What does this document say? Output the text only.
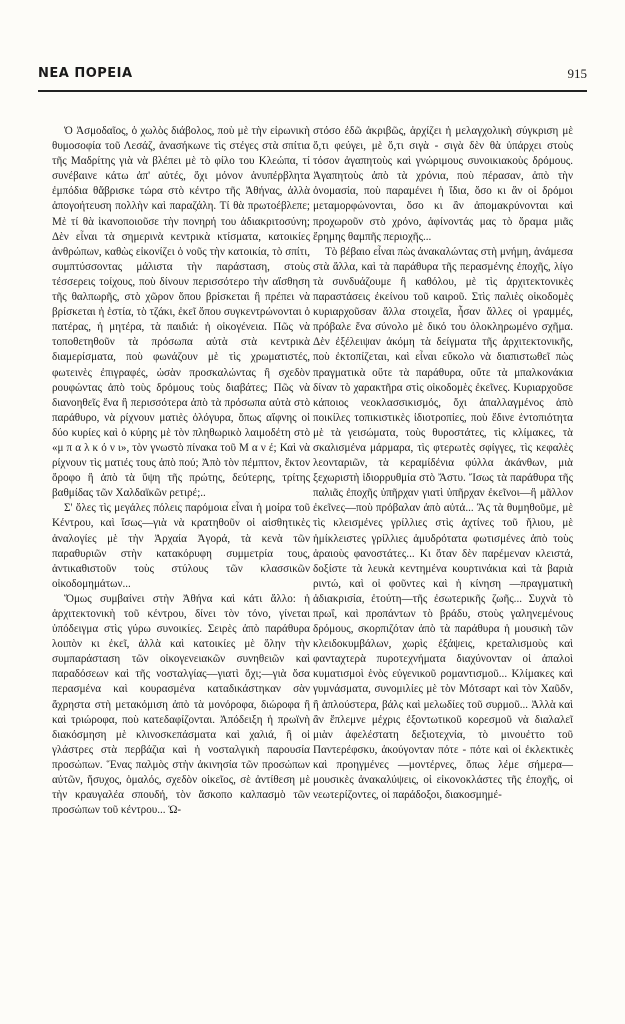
ΝΕΑ ΠΟΡΕΙΑ	915

Ὁ Ἀσμοδαῖος, ὁ χωλὸς διάβολος, ποὺ μὲ τὴν εἰρωνικὴ θυμοσοφία τοῦ Λεσάζ, ἀνασήκωνε τὶς στέγες στὰ σπίτια τῆς Μαδρίτης γιὰ νὰ βλέπει μὲ τὸ φίλο του Κλεώπα, τί συνέβαινε κάτω ἀπ' αὐτές, ὄχι μόνον ἀνυπέρβλητα ἐμπόδια θἄβρισκε τώρα στὸ κέντρο τῆς Ἀθήνας, ἀλλὰ ἀπογοήτευση πολλὴν καὶ παραζάλη. Τί θὰ πρωτοέβλεπε; Μὲ τί θὰ ἱκανοποιοῦσε τὴν πονηρή του ἀδιακριτοσύνη; Δὲν εἶναι τὰ σημερινὰ κεντρικὰ κτίσματα, κατοικίες ἀνθρώπων, καθὼς εἰκονίζει ὁ νοῦς τὴν κατοικία, τὸ σπίτι, συμπτύσσοντας μάλιστα τὴν παράσταση, στοὺς τέσσερεις τοίχους, ποὺ δίνουν περισσότερο τὴν αἴσθηση τῆς θαλπωρῆς, στὸ χῶρον ὅπου βρίσκεται ἢ πρέπει νὰ βρίσκεται ἡ ἑστία, τὸ τζάκι, ἐκεῖ ὅπου συγκεντρώνονται ὁ πατέρας, ἡ μητέρα, τὰ παιδιά: ἡ οἰκογένεια. Πῶς νὰ τοποθετηθοῦν τὰ πρόσωπα αὐτὰ στὰ κεντρικὰ διαμερίσματα, ποὺ φωνάζουν μὲ τὶς χρωματιστές, φωτεινὲς ἐπιγραφές, ὡσὰν προσκαλώντας ἢ σχεδὸν ρουφώντας ἀπὸ τοὺς δρόμους τοὺς διαβάτες; Πῶς νὰ διανοηθεῖς ἕνα ἢ περισσότερα ἀπὸ τὰ πρόσωπα αὐτὰ στὸ παράθυρο, νὰ ρίχνουν ματιὲς ὁλόγυρα, ὅπως αἴφνης οἱ δύο κυρίες καὶ ὁ κύρης μὲ τὸν πληθωρικὸ λαιμοδέτη στὸ «μ π α λ κ ό ν ι», τὸν γνωστὸ πίνακα τοῦ Μ α ν έ; Καὶ νὰ ρίχνουν τὶς ματιές τους ἀπὸ πού; Ἀπὸ τὸν πέμπτον, ἕκτον ὄροφο ἢ ἀπὸ τὰ ὕψη τῆς πρώτης, δεύτερης, τρίτης βαθμίδας τῶν Χαλδαϊκῶν ρετιρέ;..

Σ' ὅλες τὶς μεγάλες πόλεις παρόμοια εἶναι ἡ μοίρα τοῦ Κέντρου, καὶ ἴσως—γιὰ νὰ κρατηθοῦν οἱ αἰσθητικὲς ἀναλογίες μὲ τὴν Ἀρχαία Ἀγορά, τὰ κενὰ τῶν παραθυριῶν στὴν κατακόρυφη συμμετρία τους, ἀντικαθιστοῦν τοὺς στύλους τῶν κλασσικῶν οἰκοδομημάτων...

Ὅμως συμβαίνει στὴν Ἀθήνα καὶ κάτι ἄλλο: ἡ ἀρχιτεκτονικὴ τοῦ κέντρου, δίνει τὸν τόνο, γίνεται ὑπόδειγμα στὶς γύρω συνοικίες. Σειρὲς ἀπὸ παράθυρα λοιπὸν κι ἐκεῖ, ἀλλὰ καὶ κατοικίες μὲ ὅλην τὴν συμπαράσταση τῶν οἰκογενειακῶν συνηθειῶν καὶ παραδόσεων καὶ τῆς νοσταλγίας—γιατὶ ὄχι;—γιὰ ὅσα περασμένα καὶ κουρασμένα καταδικάστηκαν σὰν ἄχρηστα στὴ μετακόμιση ἀπὸ τὰ μονόροφα, διώροφα ἢ καὶ τριώροφα, ποὺ κατεδαφίζονται. Ἀπόδειξη ἡ πρωϊνὴ διακόσμηση μὲ κλινοσκεπάσματα καὶ χαλιά, ἢ οἱ γλάστρες στὰ περβάζια καὶ ἡ νοσταλγικὴ παρουσία προσώπων. Ἕνας παλμὸς στὴν ἀκινησία τῶν προσώπων αὐτῶν, ἥσυχος, ὁμαλός, σχεδὸν οἰκεῖος, σὲ ἀντίθεση μὲ τὴν κραυγαλέα σπουδή, τὸν ἄσκοπο καλπασμὸ τῶν προσώπων τοῦ κέντρου... Ὡ-

στόσο ἐδῶ ἀκριβῶς, ἀρχίζει ἡ μελαγχολικὴ σύγκριση μὲ ὅ,τι φεύγει, μὲ ὅ,τι σιγὰ - σιγὰ δὲν θὰ ὑπάρχει στοὺς τόσον ἀγαπητοὺς καὶ γνώριμους συνοικιακοὺς δρόμους. Ἀγαπητοὺς ἀπὸ τὰ χρόνια, ποὺ πέρασαν, ἀπὸ τὴν ὀνομασία, ποὺ παραμένει ἡ ἴδια, ὅσο κι ἂν οἱ δρόμοι μεταμορφώνονται, ὅσο κι ἂν ἀπομακρύνονται καὶ προχωροῦν στὸ χρόνο, ἀφίνοντάς μας τὸ ὅραμα μιᾶς ἔρημης θαμπῆς περιοχῆς...

Τὸ βέβαιο εἶναι πὼς ἀνακαλώντας στὴ μνήμη, ἀνάμεσα στὰ ἄλλα, καὶ τὰ παράθυρα τῆς περασμένης ἐποχῆς, λίγο τὰ συνδυάζουμε ἢ καθόλου, μὲ τὶς ἀρχιτεκτονικὲς παραστάσεις ἐκείνου τοῦ καιροῦ. Στὶς παλιὲς οἰκοδομὲς κυριαρχοῦσαν ἄλλα στοιχεῖα, ἦσαν ἄλλες οἱ γραμμές, πρόβαλε ἕνα σύνολο μὲ δικό του ὁλοκληρωμένο σχῆμα. Δὲν ἐξέλειψαν ἀκόμη τὰ δείγματα τῆς ἀρχιτεκτονικῆς, ποὺ ἐκτοπίζεται, καὶ εἶναι εὔκολο νὰ διαπιστωθεῖ πὼς πραγματικὰ οὔτε τὰ παράθυρα, οὔτε τὰ μπαλκονάκια δίναν τὸ χαρακτῆρα στὶς οἰκοδομὲς ἐκεῖνες. Κυριαρχοῦσε κάποιος νεοκλασσικισμός, ὄχι ἀπαλλαγμένος ἀπὸ ποικίλες τοπικιστικὲς ἰδιοτροπίες, ποὺ ἔδινε ἐντοπιότητα μὲ τὰ γεισώματα, τοὺς θυροστάτες, τὶς κλίμακες, τὰ σκαλισμένα μάρμαρα, τὶς φτερωτὲς σφίγγες, τὶς κεφαλὲς λεονταριῶν, τὰ κεραμίδένια φύλλα ἀκάνθων, μιὰ ξεχωριστὴ ἰδιορρυθμία στὸ Ἄστυ. Ἴσως τὰ παράθυρα τῆς παλιᾶς ἐποχῆς ὑπῆρχαν γιατὶ ὑπῆρχαν ἐκεῖνοι—ἢ μᾶλλον ἐκεῖνες—ποὺ πρόβαλαν ἀπὸ αὐτά... Ἂς τὰ θυμηθοῦμε, μὲ τὶς κλεισμένες γρίλλιες στὶς ἀχτίνες τοῦ ἥλιου, μὲ ἡμίκλειστες γρίλλιες ἀμυδρότατα φωτισμένες ἀπὸ τοὺς ἀραιοὺς φανοστάτες... Κι ὅταν δὲν παρέμεναν κλειστά, δοξίστε τὰ λευκὰ κεντημένα κουρτινάκια καὶ τὰ βαριὰ ριντώ, καὶ οἱ φοῦντες καὶ ἡ κίνηση —πραγματικὴ ἀδιακρισία, ἐτούτη—τῆς ἐσωτερικῆς ζωῆς... Συχνὰ τὸ πρωΐ, καὶ προπάντων τὸ βράδυ, στοὺς γαληνεμένους δρόμους, σκορπιζόταν ἀπὸ τὰ παράθυρα ἡ μουσικὴ τῶν κλειδοκυμβάλων, χωρὶς ἐξάψεις, κρεταλισμοὺς καὶ φανταχτερὰ πυροτεχνήματα διαχύνονταν οἱ ἀπαλοὶ κυματισμοὶ ἑνὸς εὐγενικοῦ ρομαντισμοῦ... Κλίμακες καὶ γυμνάσματα, συνομιλίες μὲ τὸν Μότσαρτ καὶ τὸν Χαῦδν, ἢ ἁπλούστερα, βάλς καὶ μελωδίες τοῦ συρμοῦ... Ἀλλὰ καὶ ἂν ἔπλεμνε μέχρις ἐξοντωτικοῦ κορεσμοῦ νὰ διαλαλεῖ μιὰν ἀφελέστατη δεξιοτεχνία, τὸ μινουέττο τοῦ Παντερέφσκυ, ἀκούγονταν πότε - πότε καὶ οἱ ἐκλεκτικὲς καὶ πρoηγμένες —μοντέρνες, ὅπως λέμε σήμερα— μουσικὲς ἀνακαλύψεις, οἱ εἰκονοκλάστες τῆς ἐποχῆς, οἱ νεωτερίζοντες, οἱ παράδοξοι, διακοσμημέ-
